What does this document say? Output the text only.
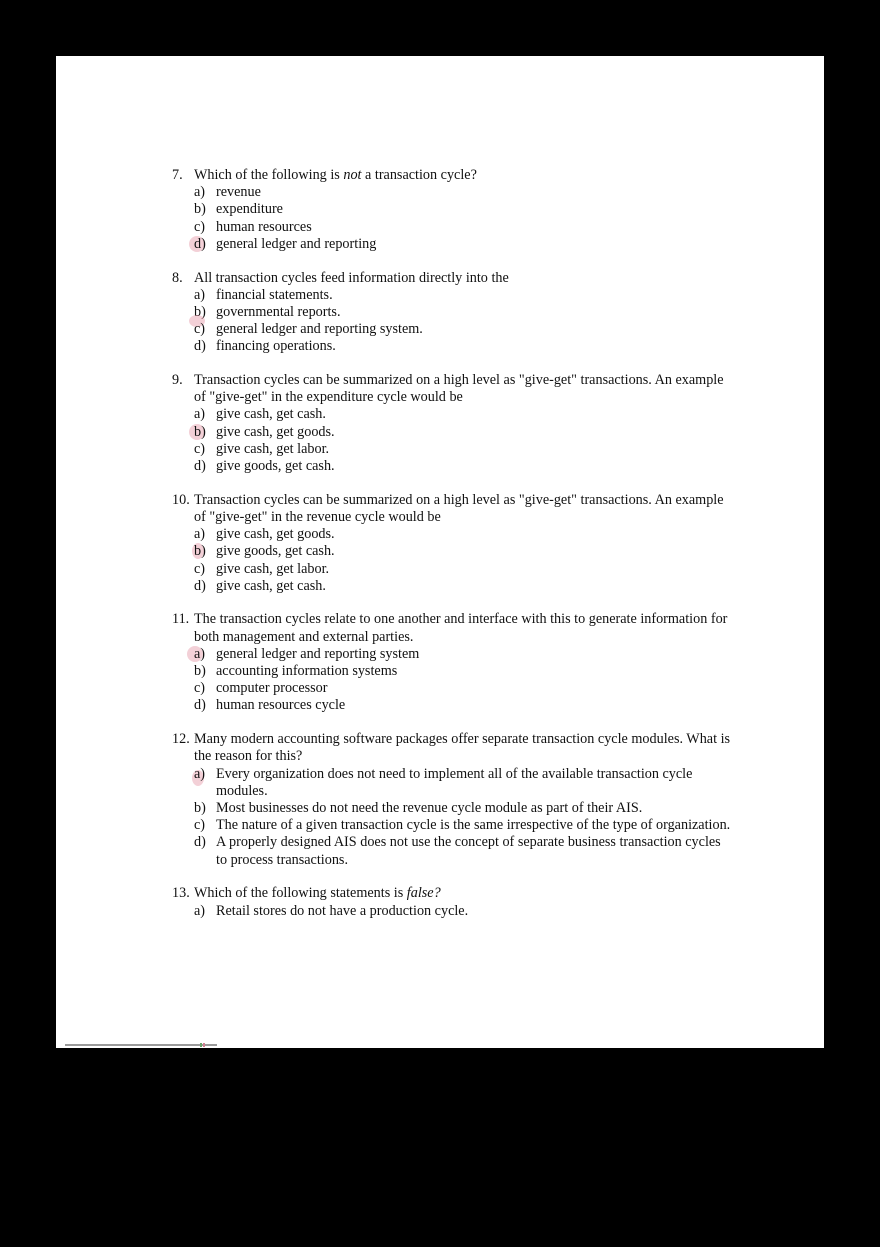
7. Which of the following is not a transaction cycle?
a) revenue
b) expenditure
c) human resources
d) general ledger and reporting
8. All transaction cycles feed information directly into the
a) financial statements.
b) governmental reports.
c) general ledger and reporting system.
d) financing operations.
9. Transaction cycles can be summarized on a high level as "give-get" transactions. An example of "give-get" in the expenditure cycle would be
a) give cash, get cash.
b) give cash, get goods.
c) give cash, get labor.
d) give goods, get cash.
10. Transaction cycles can be summarized on a high level as "give-get" transactions. An example of "give-get" in the revenue cycle would be
a) give cash, get goods.
b) give goods, get cash.
c) give cash, get labor.
d) give cash, get cash.
11. The transaction cycles relate to one another and interface with this to generate information for both management and external parties.
a) general ledger and reporting system
b) accounting information systems
c) computer processor
d) human resources cycle
12. Many modern accounting software packages offer separate transaction cycle modules. What is the reason for this?
a) Every organization does not need to implement all of the available transaction cycle modules.
b) Most businesses do not need the revenue cycle module as part of their AIS.
c) The nature of a given transaction cycle is the same irrespective of the type of organization.
d) A properly designed AIS does not use the concept of separate business transaction cycles to process transactions.
13. Which of the following statements is false?
a) Retail stores do not have a production cycle.
